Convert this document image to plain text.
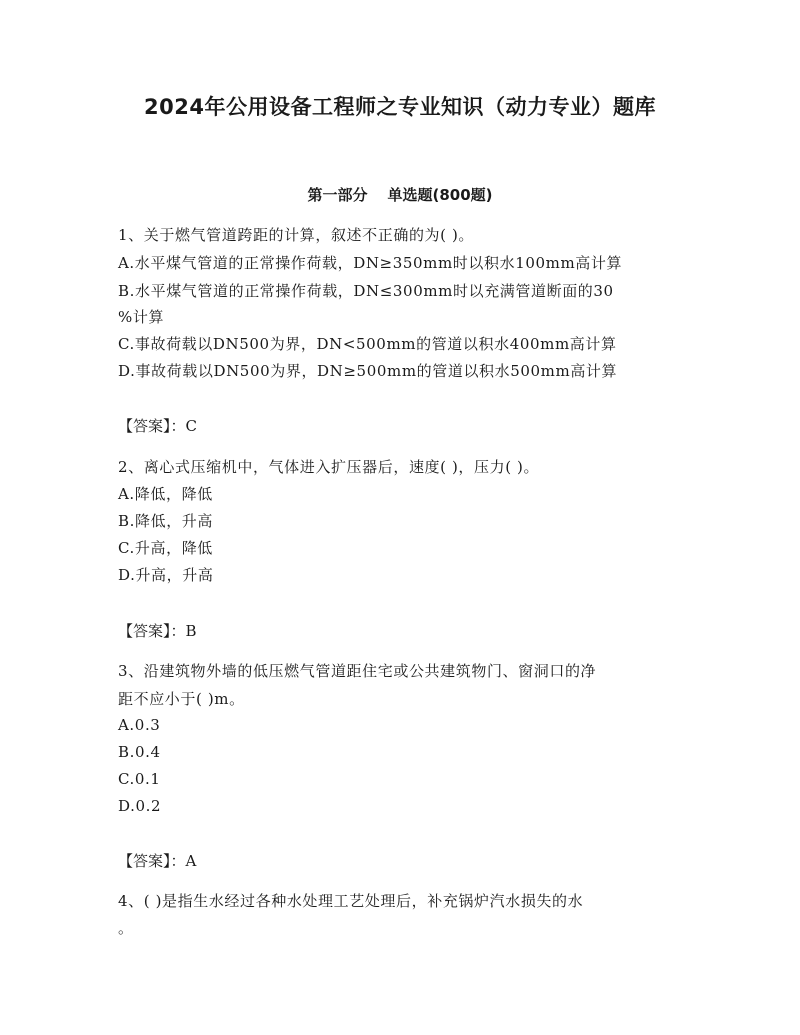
2024年公用设备工程师之专业知识（动力专业）题库
第一部分 单选题(800题)
1、关于燃气管道跨距的计算，叙述不正确的为( )。
A.水平煤气管道的正常操作荷载，DN≥350mm时以积水100mm高计算
B.水平煤气管道的正常操作荷载，DN≤300mm时以充满管道断面的30
%计算
C.事故荷载以DN500为界，DN<500mm的管道以积水400mm高计算
D.事故荷载以DN500为界，DN≥500mm的管道以积水500mm高计算
【答案】：C
2、离心式压缩机中，气体进入扩压器后，速度( )，压力( )。
A.降低，降低
B.降低，升高
C.升高，降低
D.升高，升高
【答案】：B
3、沿建筑物外墙的低压燃气管道距住宅或公共建筑物门、窗洞口的净
距不应小于( )m。
A.0.3
B.0.4
C.0.1
D.0.2
【答案】：A
4、( )是指生水经过各种水处理工艺处理后，补充锅炉汽水损失的水
。
